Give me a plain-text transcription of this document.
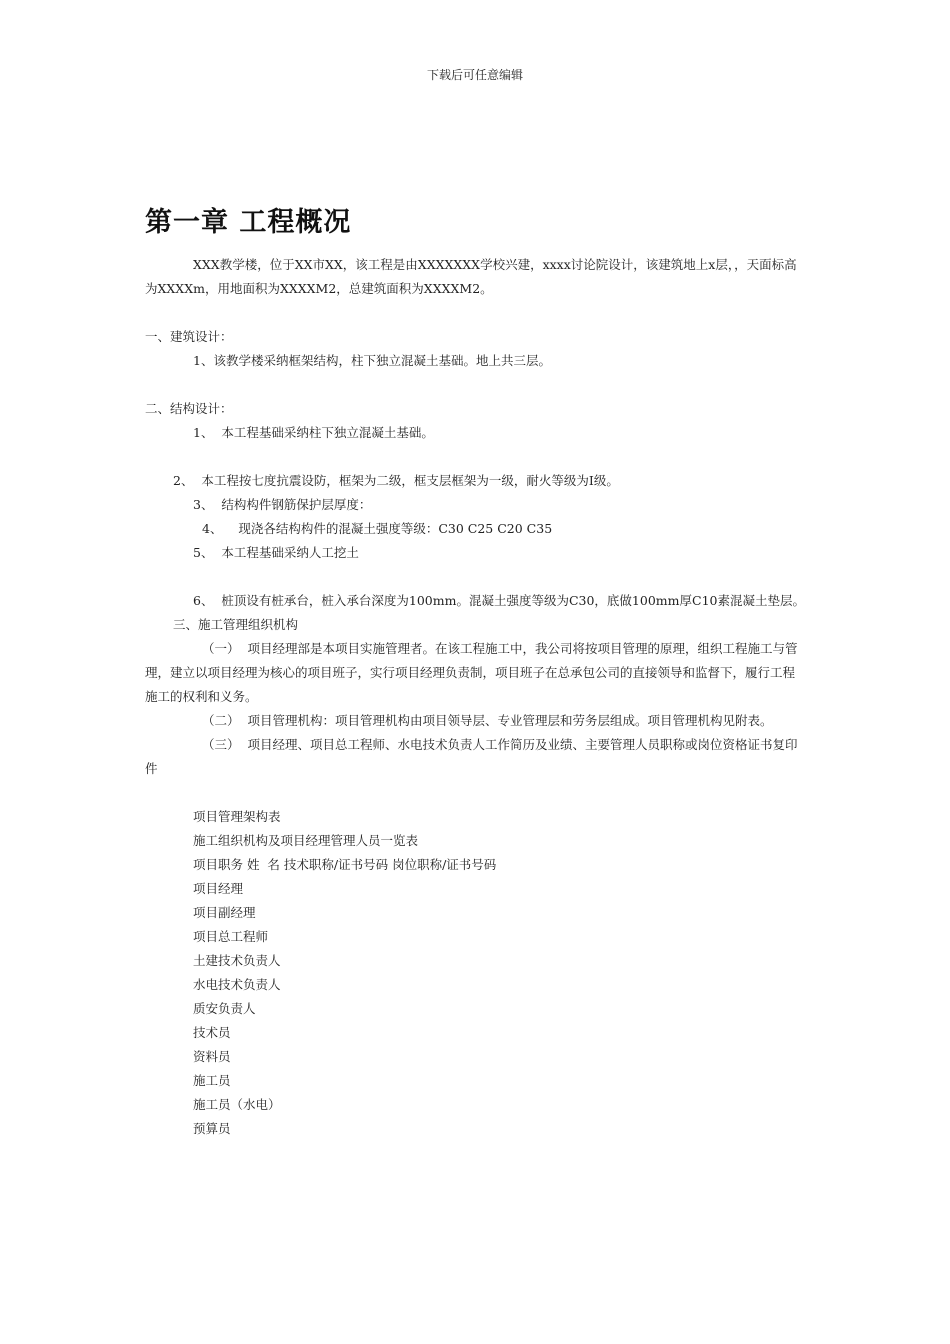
下载后可任意编辑
第一章 工程概况
XXX教学楼，位于XX市XX，该工程是由XXXXXXX学校兴建，xxxx讨论院设计，该建筑地上x层，，天面标高为XXXXm，用地面积为XXXXM2，总建筑面积为XXXXM2。
一、建筑设计：
1、该教学楼采纳框架结构，柱下独立混凝土基础。地上共三层。
二、结构设计：
1、  本工程基础采纳柱下独立混凝土基础。
2、  本工程按七度抗震设防，框架为二级，框支层框架为一级，耐火等级为Ⅰ级。
3、  结构构件钢筋保护层厚度：
4、    现浇各结构构件的混凝土强度等级：C30 C25 C20 C35
5、  本工程基础采纳人工挖土
6、  桩顶设有桩承台，桩入承台深度为100mm。混凝土强度等级为C30，底做100mm厚C10素混凝土垫层。
三、施工管理组织机构
（一）  项目经理部是本项目实施管理者。在该工程施工中，我公司将按项目管理的原理，组织工程施工与管理，建立以项目经理为核心的项目班子，实行项目经理负责制，项目班子在总承包公司的直接领导和监督下，履行工程施工的权利和义务。
（二）  项目管理机构：项目管理机构由项目领导层、专业管理层和劳务层组成。项目管理机构见附表。
（三）  项目经理、项目总工程师、水电技术负责人工作简历及业绩、主要管理人员职称或岗位资格证书复印件
项目管理架构表
施工组织机构及项目经理管理人员一览表
项目职务 姓  名 技术职称/证书号码 岗位职称/证书号码
项目经理
项目副经理
项目总工程师
土建技术负责人
水电技术负责人
质安负责人
技术员
资料员
施工员
施工员（水电）
预算员
